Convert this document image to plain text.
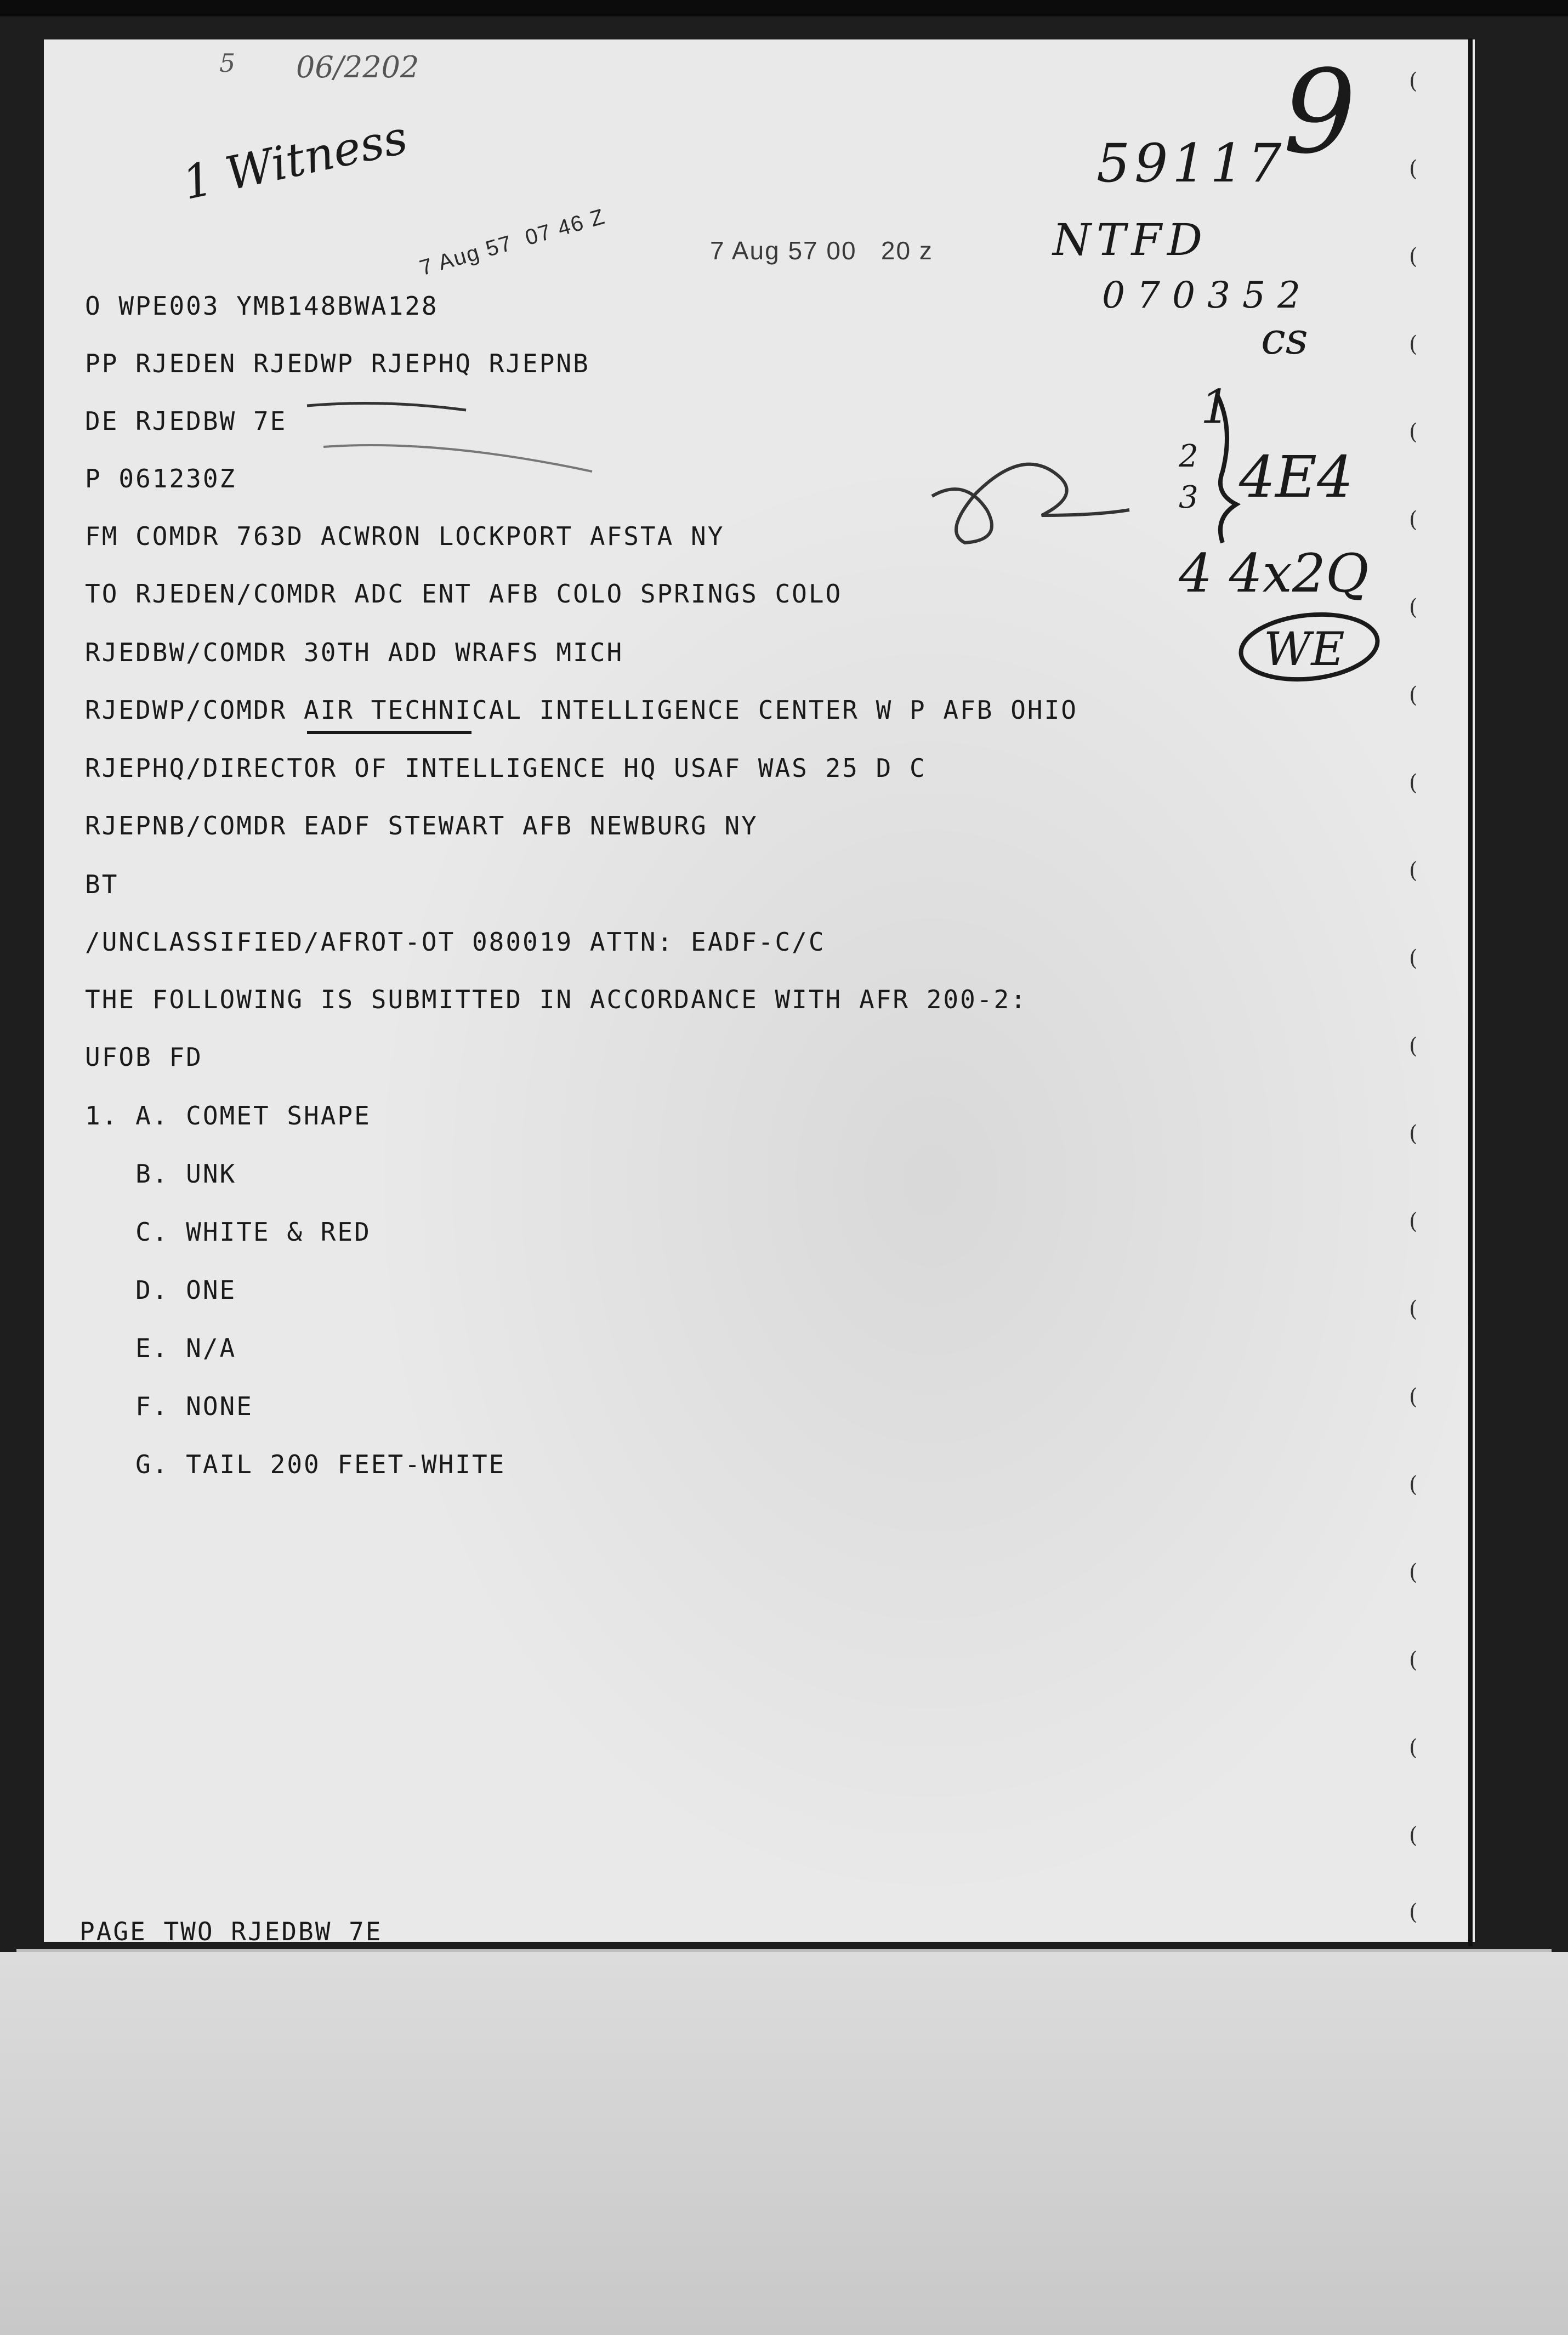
5 06/2202
1 Witness	9
59117
NTFD
070352
cs
1
2
3 4E4
4 4x2Q
WE
7 Aug 57  07 46 Z	7 Aug 57 00   20 z
O WPE003 YMB148BWA128
PP RJEDEN RJEDWP RJEPHQ RJEPNB
DE RJEDBW 7E
P 061230Z
FM COMDR 763D ACWRON LOCKPORT AFSTA NY
TO RJEDEN/COMDR ADC ENT AFB COLO SPRINGS COLO
RJEDBW/COMDR 30TH ADD WRAFS MICH
RJEDWP/COMDR AIR TECHNICAL INTELLIGENCE CENTER W P AFB OHIO
RJEPHQ/DIRECTOR OF INTELLIGENCE HQ USAF WAS 25 D C
RJEPNB/COMDR EADF STEWART AFB NEWBURG NY
BT
/UNCLASSIFIED/AFROT-OT 080019 ATTN: EADF-C/C
THE FOLLOWING IS SUBMITTED IN ACCORDANCE WITH AFR 200-2:
UFOB FD
1. A. COMET SHAPE
B. UNK
C. WHITE & RED
D. ONE
E. N/A
F. NONE
G. TAIL 200 FEET-WHITE
PAGE TWO RJEDBW 7E
(
(
(
(
(
(
(
(
(
(
(
(
(
(
(
(
(
(
(
(
(
(
